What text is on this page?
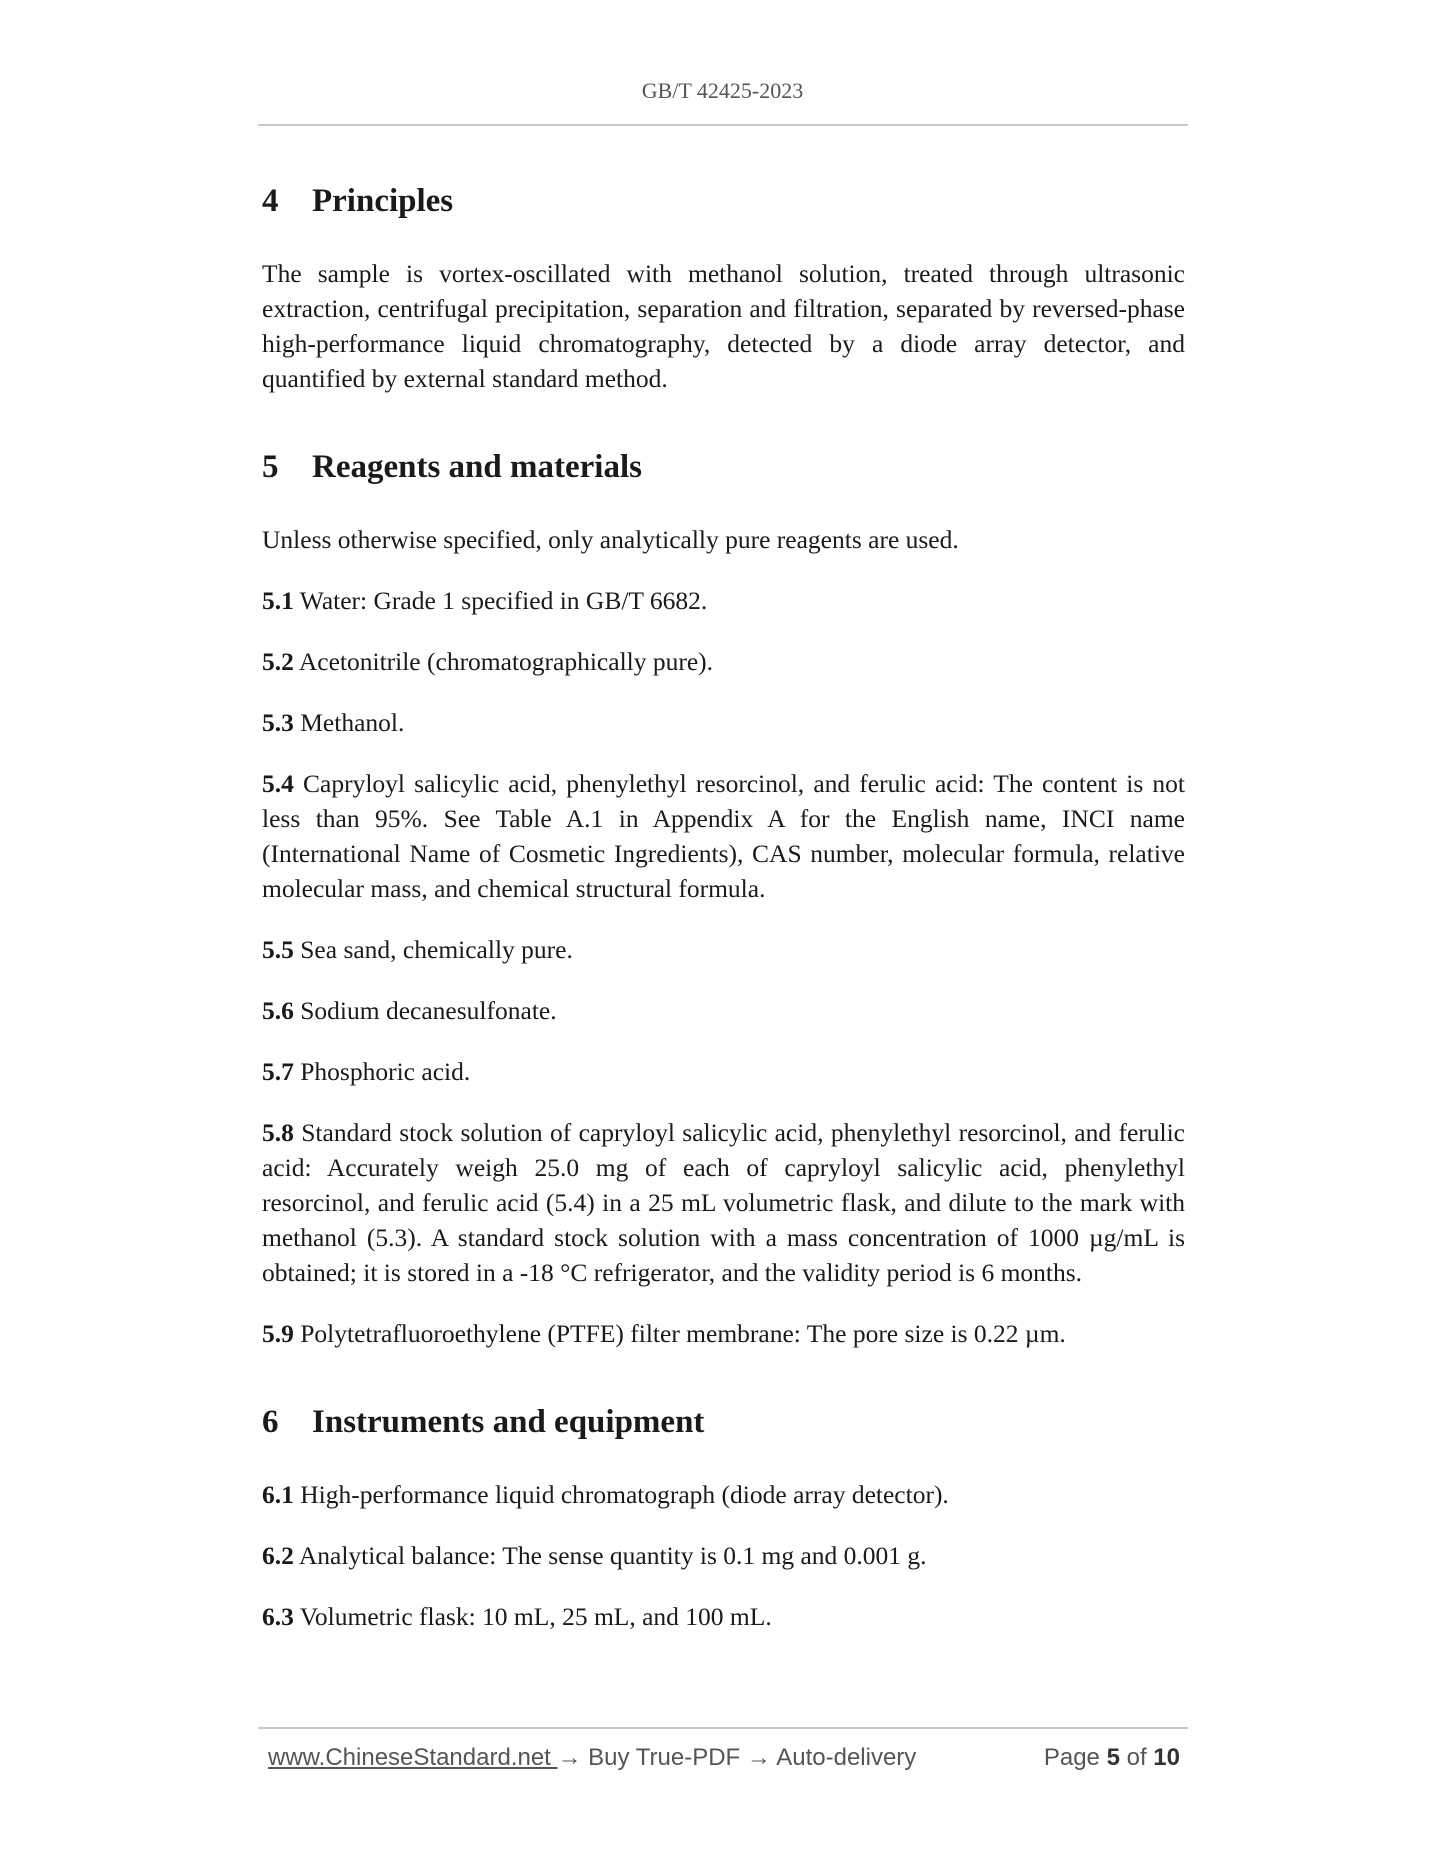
GB/T 42425-2023
4 Principles

The sample is vortex-oscillated with methanol solution, treated through ultrasonic extraction, centrifugal precipitation, separation and filtration, separated by reversed-phase high-performance liquid chromatography, detected by a diode array detector, and quantified by external standard method.

5 Reagents and materials

Unless otherwise specified, only analytically pure reagents are used.

5.1 Water: Grade 1 specified in GB/T 6682.

5.2 Acetonitrile (chromatographically pure).

5.3 Methanol.

5.4 Capryloyl salicylic acid, phenylethyl resorcinol, and ferulic acid: The content is not less than 95%. See Table A.1 in Appendix A for the English name, INCI name (International Name of Cosmetic Ingredients), CAS number, molecular formula, relative molecular mass, and chemical structural formula.

5.5 Sea sand, chemically pure.

5.6 Sodium decanesulfonate.

5.7 Phosphoric acid.

5.8 Standard stock solution of capryloyl salicylic acid, phenylethyl resorcinol, and ferulic acid: Accurately weigh 25.0 mg of each of capryloyl salicylic acid, phenylethyl resorcinol, and ferulic acid (5.4) in a 25 mL volumetric flask, and dilute to the mark with methanol (5.3). A standard stock solution with a mass concentration of 1000 µg/mL is obtained; it is stored in a -18 °C refrigerator, and the validity period is 6 months.

5.9 Polytetrafluoroethylene (PTFE) filter membrane: The pore size is 0.22 µm.

6 Instruments and equipment

6.1 High-performance liquid chromatograph (diode array detector).

6.2 Analytical balance: The sense quantity is 0.1 mg and 0.001 g.

6.3 Volumetric flask: 10 mL, 25 mL, and 100 mL.

www.ChineseStandard.net → Buy True-PDF → Auto-delivery	Page 5 of 10
